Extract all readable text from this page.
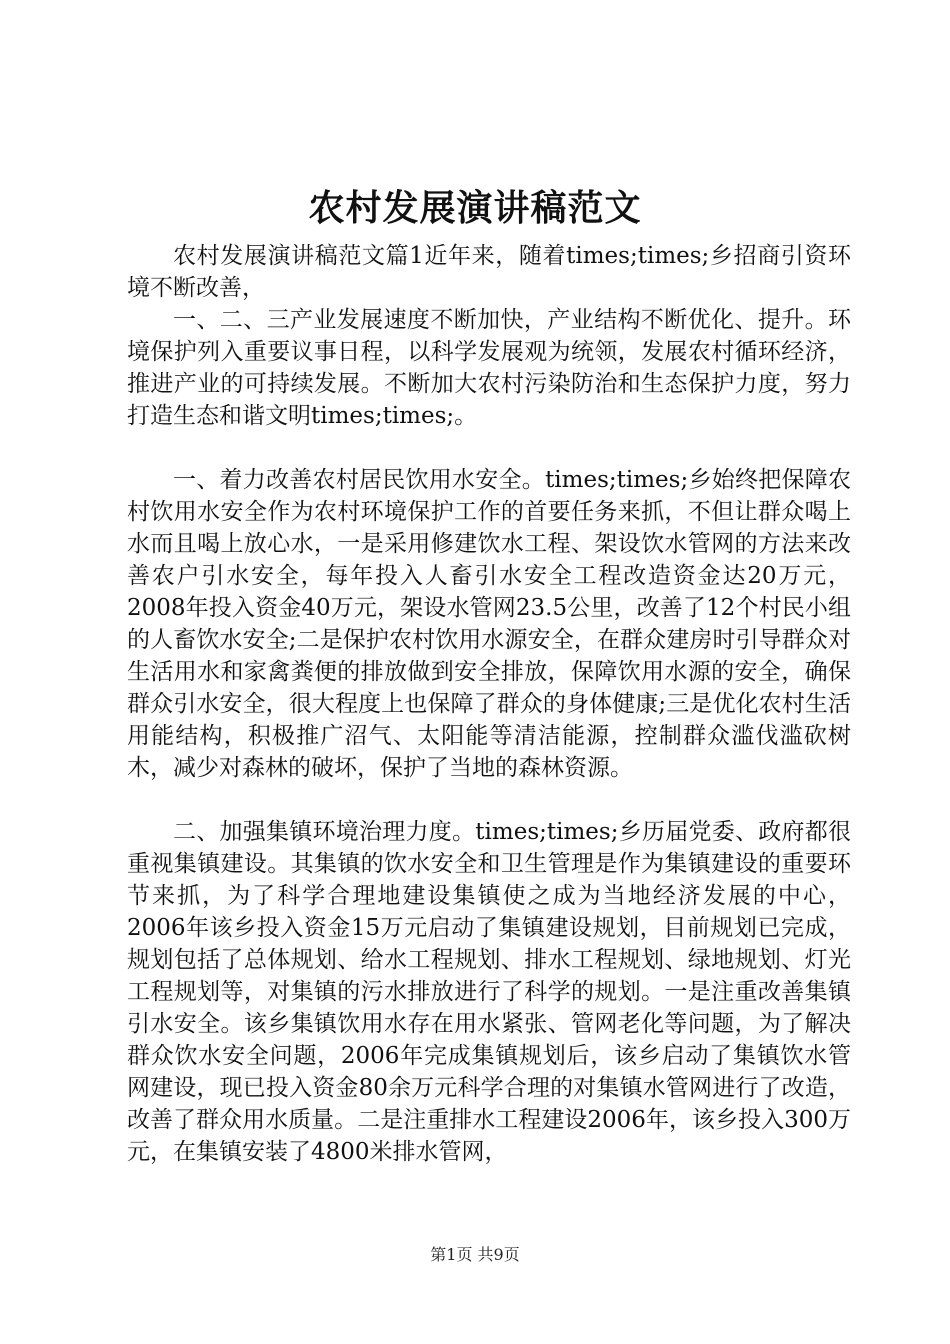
农村发展演讲稿范文

农村发展演讲稿范文篇1近年来，随着times;times;乡招商引资环境不断改善，

一、二、三产业发展速度不断加快，产业结构不断优化、提升。环境保护列入重要议事日程，以科学发展观为统领，发展农村循环经济，推进产业的可持续发展。不断加大农村污染防治和生态保护力度，努力打造生态和谐文明times;times;。

一、着力改善农村居民饮用水安全。times;times;乡始终把保障农村饮用水安全作为农村环境保护工作的首要任务来抓，不但让群众喝上水而且喝上放心水，一是采用修建饮水工程、架设饮水管网的方法来改善农户引水安全，每年投入人畜引水安全工程改造资金达20万元，2008年投入资金40万元，架设水管网23.5公里，改善了12个村民小组的人畜饮水安全;二是保护农村饮用水源安全，在群众建房时引导群众对生活用水和家禽粪便的排放做到安全排放，保障饮用水源的安全，确保群众引水安全，很大程度上也保障了群众的身体健康;三是优化农村生活用能结构，积极推广沼气、太阳能等清洁能源，控制群众滥伐滥砍树木，减少对森林的破坏，保护了当地的森林资源。

二、加强集镇环境治理力度。times;times;乡历届党委、政府都很重视集镇建设。其集镇的饮水安全和卫生管理是作为集镇建设的重要环节来抓，为了科学合理地建设集镇使之成为当地经济发展的中心，2006年该乡投入资金15万元启动了集镇建设规划，目前规划已完成，规划包括了总体规划、给水工程规划、排水工程规划、绿地规划、灯光工程规划等，对集镇的污水排放进行了科学的规划。一是注重改善集镇引水安全。该乡集镇饮用水存在用水紧张、管网老化等问题，为了解决群众饮水安全问题，2006年完成集镇规划后，该乡启动了集镇饮水管网建设，现已投入资金80余万元科学合理的对集镇水管网进行了改造，改善了群众用水质量。二是注重排水工程建设2006年，该乡投入300万元，在集镇安装了4800米排水管网，

第1页 共9页
